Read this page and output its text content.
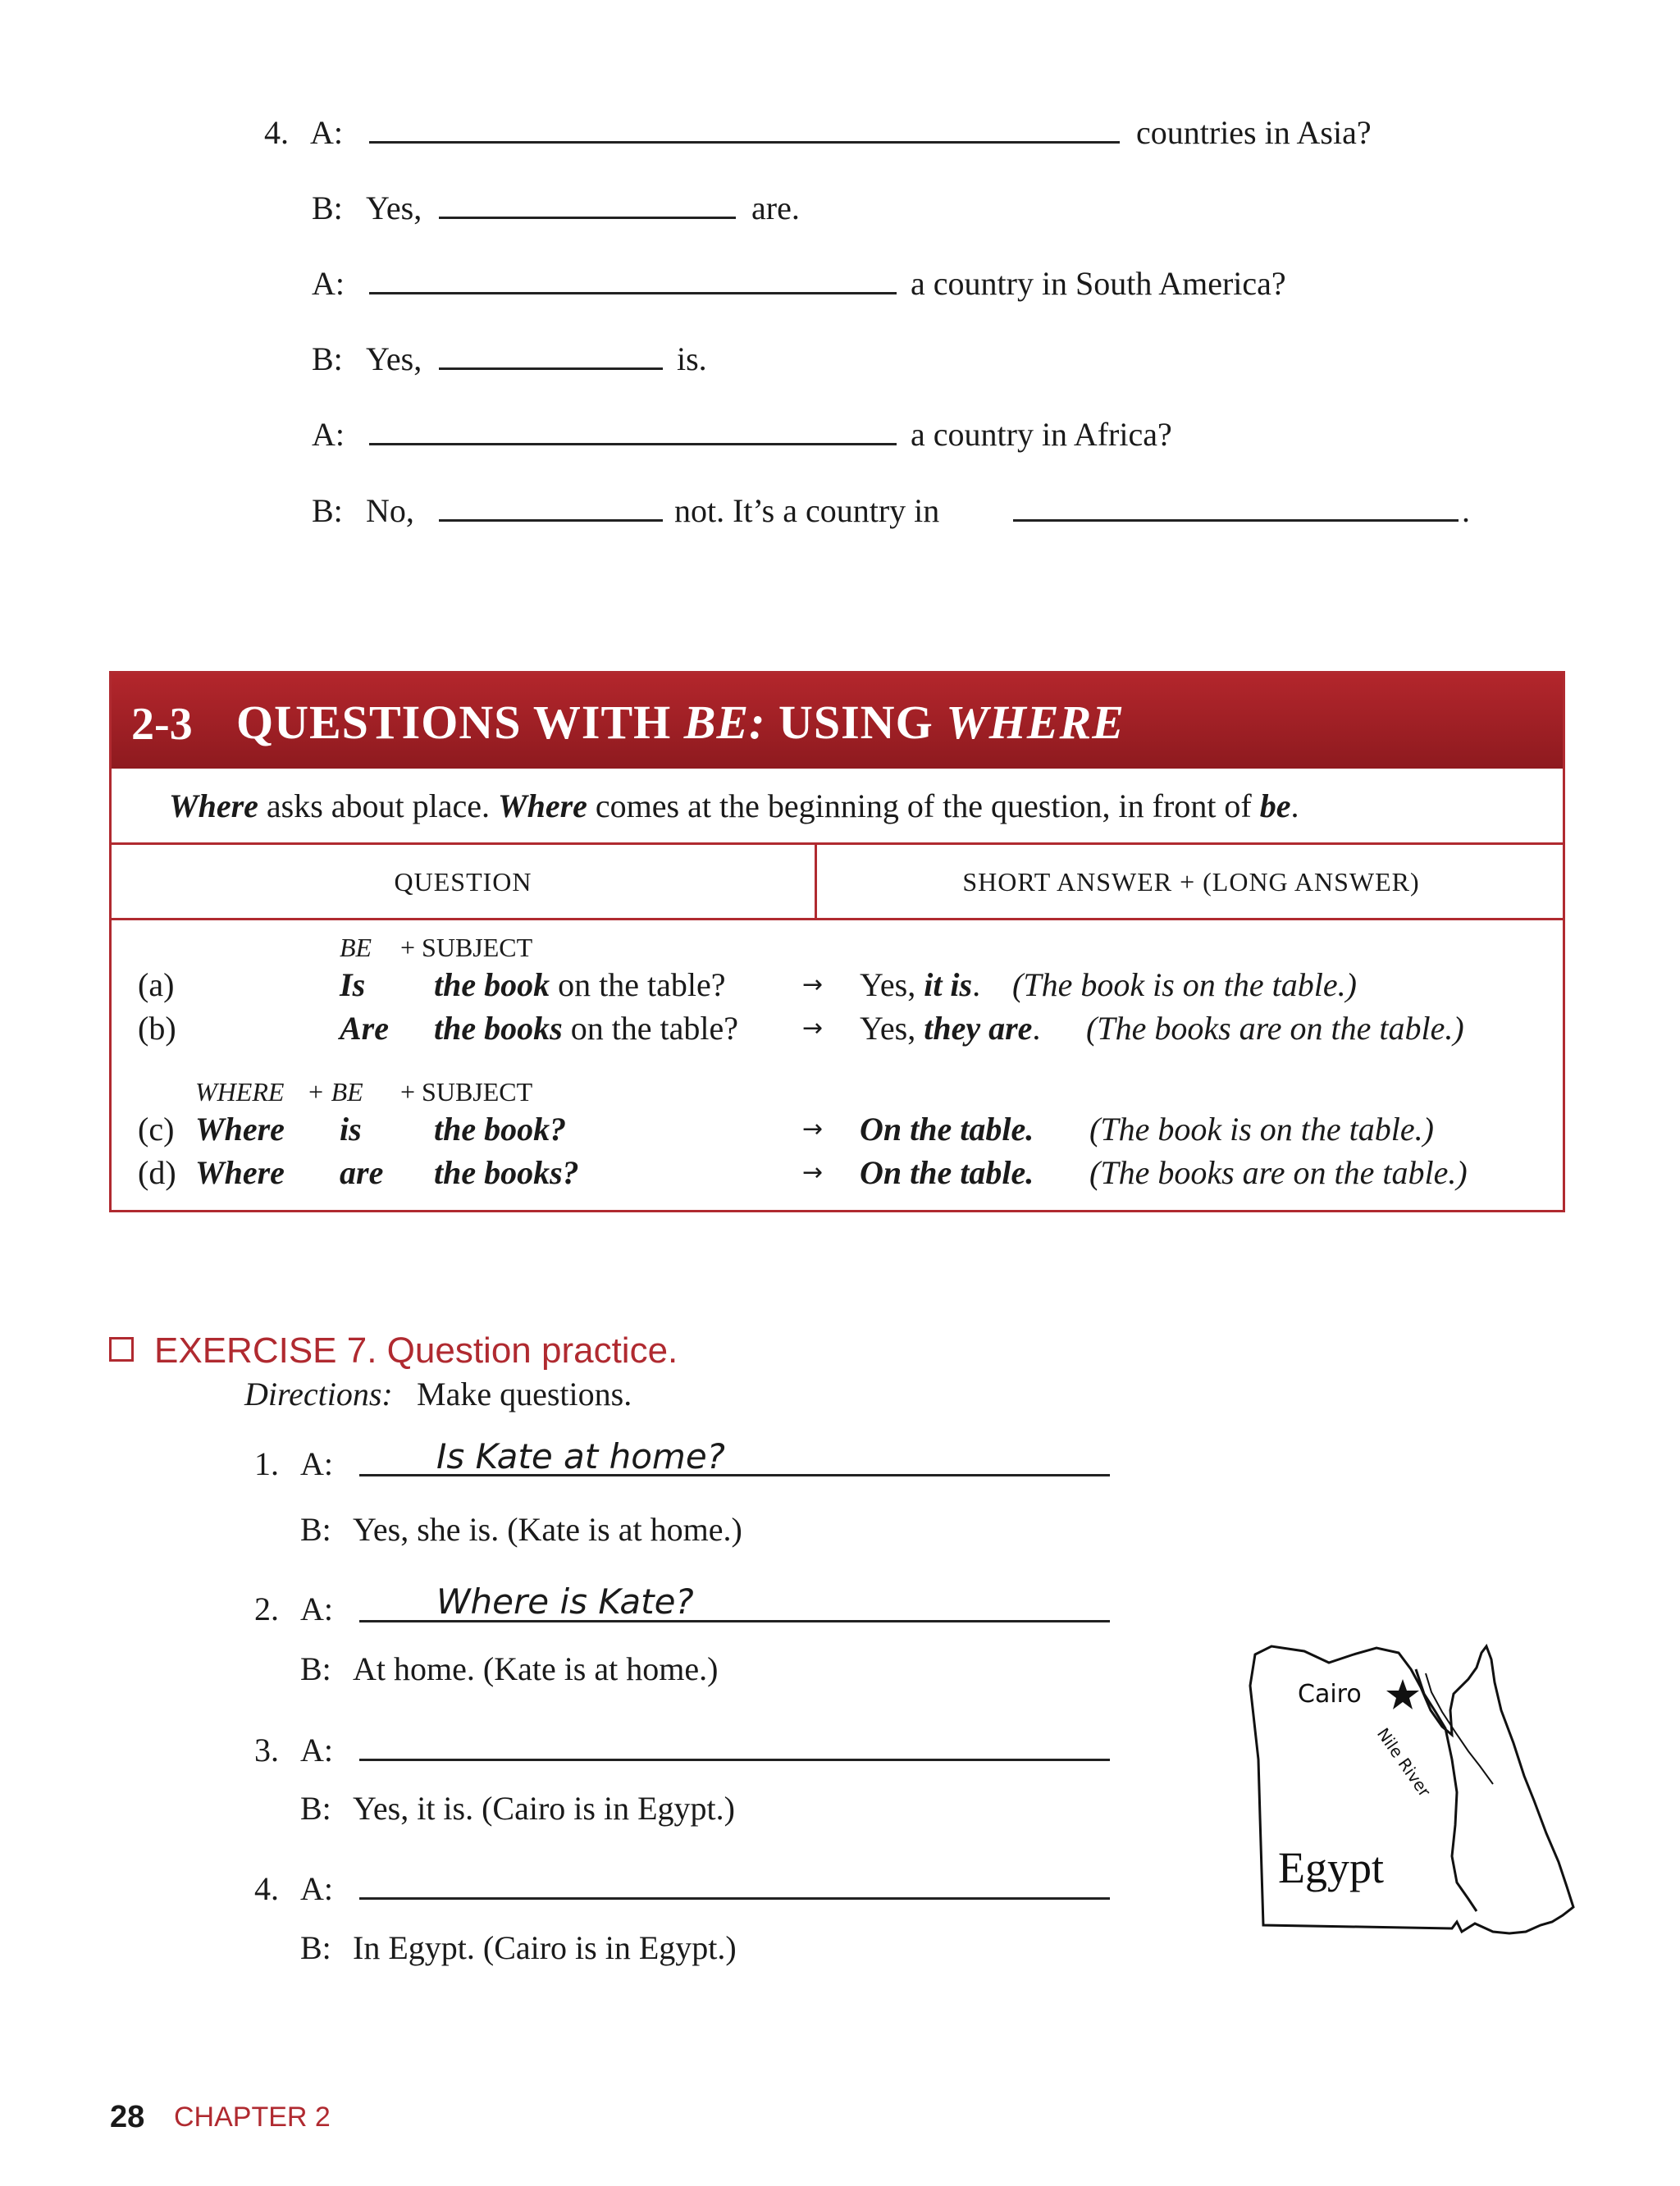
4. A:	countries in Asia?
B: Yes,	are.
A:	a country in South America?
B: Yes,	is.
A:	a country in Africa?
B: No,	not. It’s a country in	.
2-3 QUESTIONS WITH BE: USING WHERE
Where asks about place. Where comes at the beginning of the question, in front of be.
QUESTION	SHORT ANSWER + (LONG ANSWER)
BE + SUBJECT
(a)	Is the book on the table?	→ Yes, it is. (The book is on the table.)
(b)	Are the books on the table?	→ Yes, they are. (The books are on the table.)
WHERE + BE + SUBJECT
(c) Where is the book?	→ On the table. (The book is on the table.)
(d) Where are the books?	→ On the table. (The books are on the table.)
EXERCISE 7. Question practice.
Directions: Make questions.
1. A:	Is Kate at home?
B: Yes, she is. (Kate is at home.)
2. A:	Where is Kate?
B: At home. (Kate is at home.)
3. A:
B: Yes, it is. (Cairo is in Egypt.)
4. A:
B: In Egypt. (Cairo is in Egypt.)
Cairo
Egypt
Nile River
28 CHAPTER 2
